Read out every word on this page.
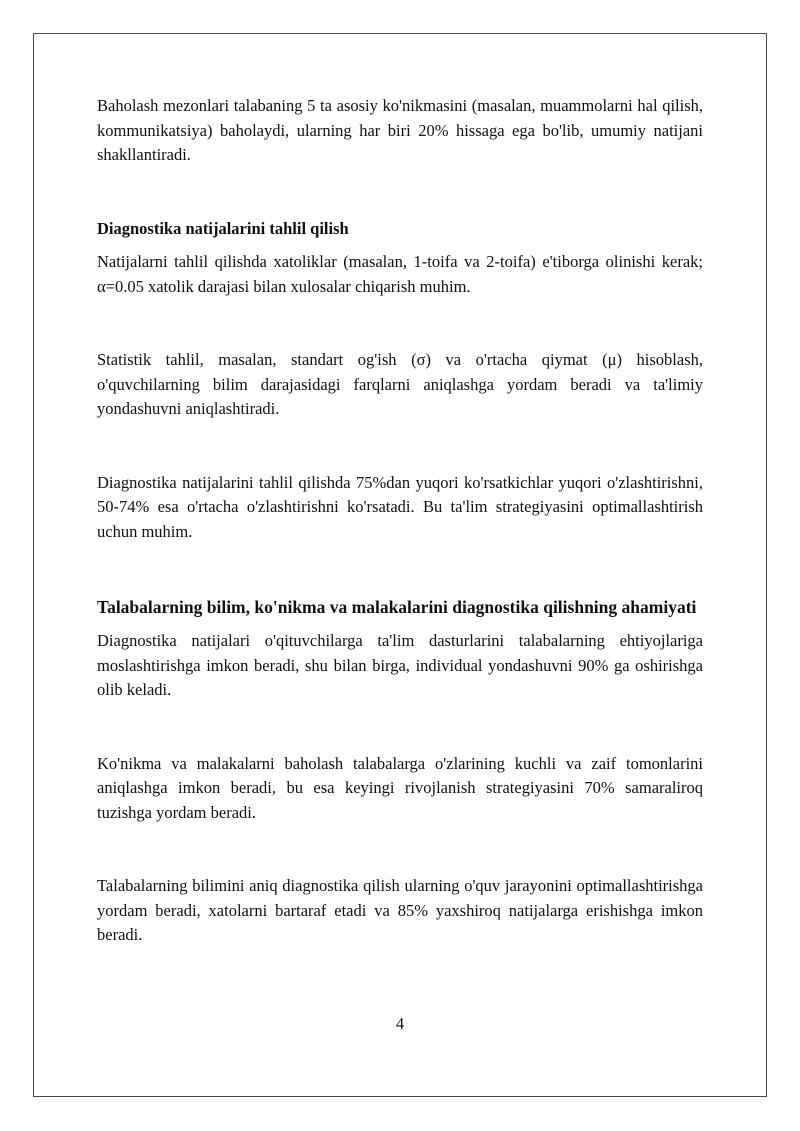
Baholash mezonlari talabaning 5 ta asosiy ko'nikmasini (masalan, muammolarni hal qilish, kommunikatsiya) baholaydi, ularning har biri 20% hissaga ega bo'lib, umumiy natijani shakllantiradi.

Diagnostika natijalarini tahlil qilish

Natijalarni tahlil qilishda xatoliklar (masalan, 1-toifa va 2-toifa) e'tiborga olinishi kerak; α=0.05 xatolik darajasi bilan xulosalar chiqarish muhim.

Statistik tahlil, masalan, standart og'ish (σ) va o'rtacha qiymat (μ) hisoblash, o'quvchilarning bilim darajasidagi farqlarni aniqlashga yordam beradi va ta'limiy yondashuvni aniqlashtiradi.

Diagnostika natijalarini tahlil qilishda 75%dan yuqori ko'rsatkichlar yuqori o'zlashtirishni, 50-74% esa o'rtacha o'zlashtirishni ko'rsatadi. Bu ta'lim strategiyasini optimallashtirish uchun muhim.

Talabalarning bilim, ko'nikma va malakalarini diagnostika qilishning ahamiyati

Diagnostika natijalari o'qituvchilarga ta'lim dasturlarini talabalarning ehtiyojlariga moslashtirishga imkon beradi, shu bilan birga, individual yondashuvni 90% ga oshirishga olib keladi.

Ko'nikma va malakalarni baholash talabalarga o'zlarining kuchli va zaif tomonlarini aniqlashga imkon beradi, bu esa keyingi rivojlanish strategiyasini 70% samaraliroq tuzishga yordam beradi.

Talabalarning bilimini aniq diagnostika qilish ularning o'quv jarayonini optimallashtirishga yordam beradi, xatolarni bartaraf etadi va 85% yaxshiroq natijalarga erishishga imkon beradi.

4
